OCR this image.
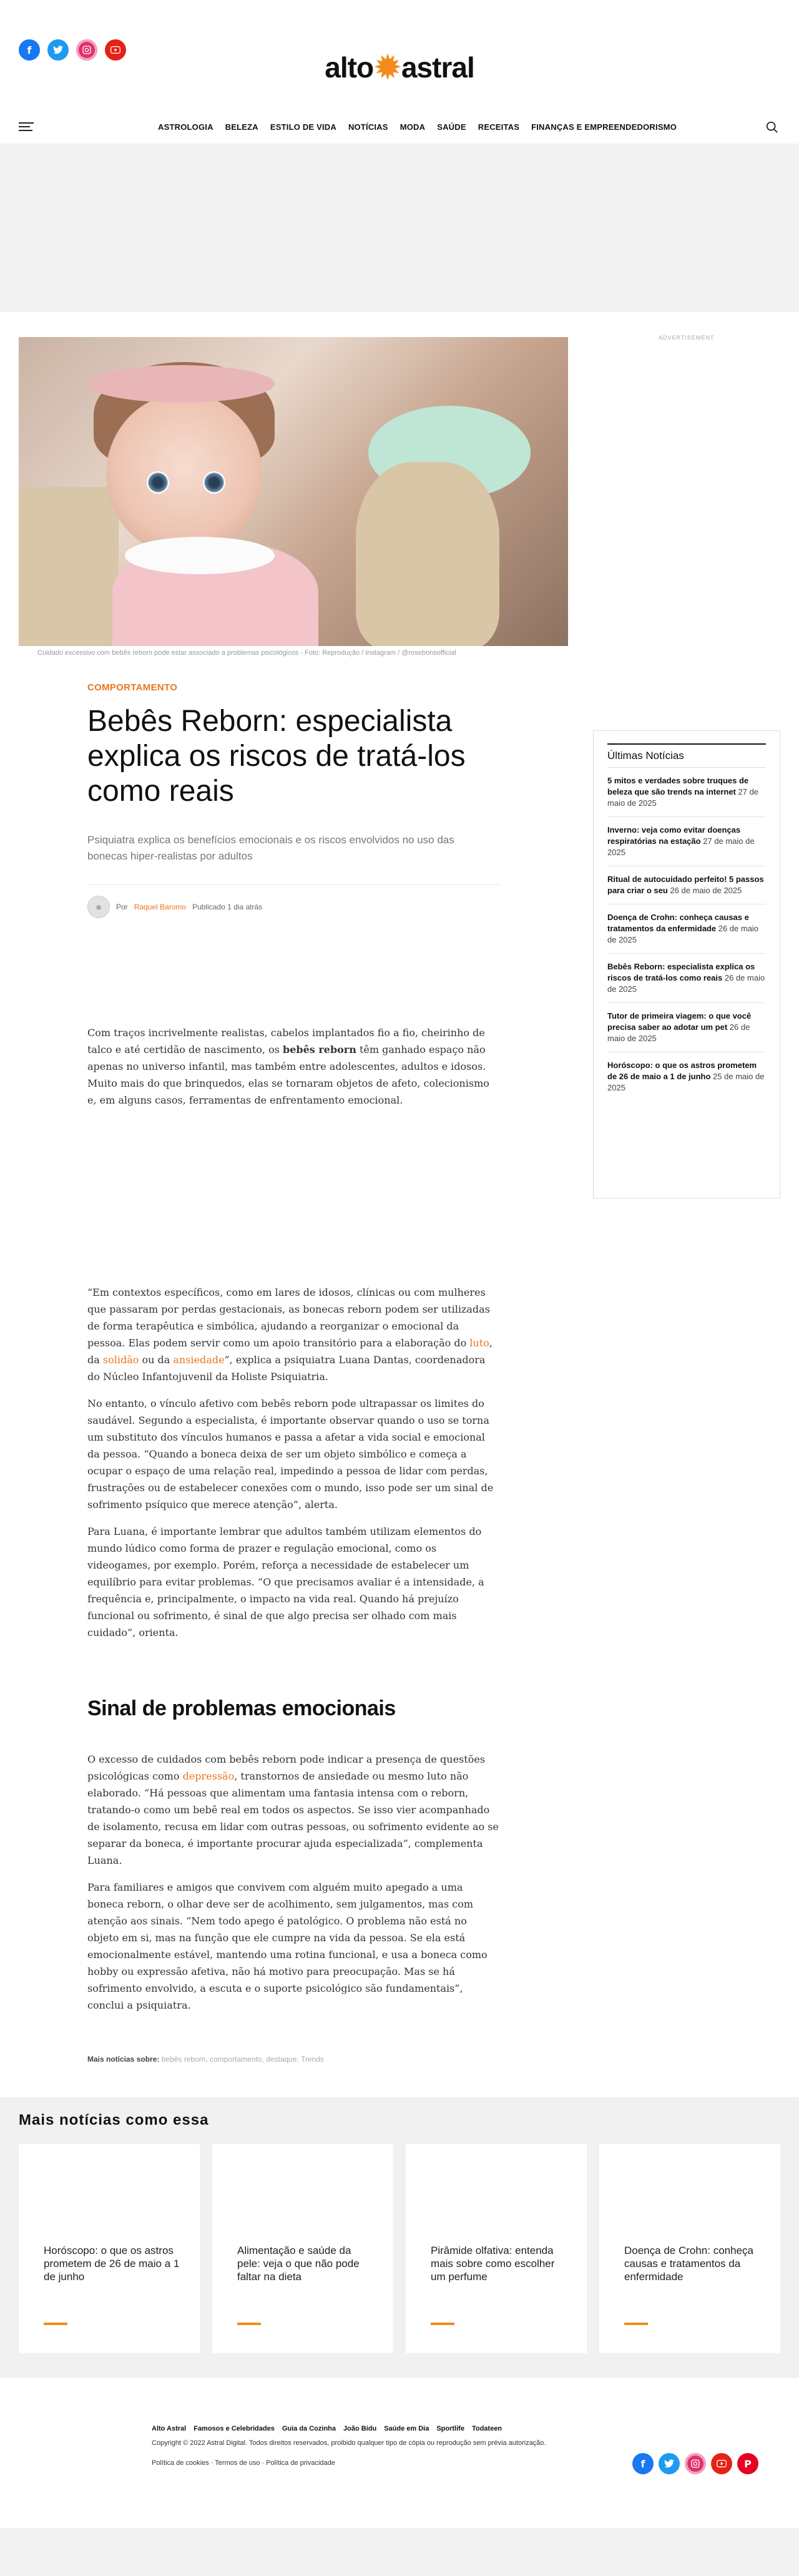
f
alto ✹ astral
ASTROLOGIA BELEZA ESTILO DE VIDA NOTÍCIAS MODA SAÚDE RECEITAS FINANÇAS E EMPREENDEDORISMO
Cuidado excessivo com bebês reborn pode estar associado a problemas psicológicos - Foto: Reprodução / Instagram / @rosebonsofficial
ADVERTISEMENT
COMPORTAMENTO
Bebês Reborn: especialista explica os riscos de tratá-los como reais
Psiquiatra explica os benefícios emocionais e os riscos envolvidos no uso das bonecas hiper-realistas por adultos
●	Por Raquel Baromo Publicado 1 dia atrás

Com traços incrivelmente realistas, cabelos implantados fio a fio, cheirinho de talco e até certidão de nascimento, os bebês reborn têm ganhado espaço não apenas no universo infantil, mas também entre adolescentes, adultos e idosos. Muito mais do que brinquedos, elas se tornaram objetos de afeto, colecionismo e, em alguns casos, ferramentas de enfrentamento emocional.

“Em contextos específicos, como em lares de idosos, clínicas ou com mulheres que passaram por perdas gestacionais, as bonecas reborn podem ser utilizadas de forma terapêutica e simbólica, ajudando a reorganizar o emocional da pessoa. Elas podem servir como um apoio transitório para a elaboração do luto, da solidão ou da ansiedade”, explica a psiquiatra Luana Dantas, coordenadora do Núcleo Infantojuvenil da Holiste Psiquiatria.

No entanto, o vínculo afetivo com bebês reborn pode ultrapassar os limites do saudável. Segundo a especialista, é importante observar quando o uso se torna um substituto dos vínculos humanos e passa a afetar a vida social e emocional da pessoa. “Quando a boneca deixa de ser um objeto simbólico e começa a ocupar o espaço de uma relação real, impedindo a pessoa de lidar com perdas, frustrações ou de estabelecer conexões com o mundo, isso pode ser um sinal de sofrimento psíquico que merece atenção”, alerta.

Para Luana, é importante lembrar que adultos também utilizam elementos do mundo lúdico como forma de prazer e regulação emocional, como os videogames, por exemplo. Porém, reforça a necessidade de estabelecer um equilíbrio para evitar problemas. “O que precisamos avaliar é a intensidade, a frequência e, principalmente, o impacto na vida real. Quando há prejuízo funcional ou sofrimento, é sinal de que algo precisa ser olhado com mais cuidado”, orienta.

Sinal de problemas emocionais

O excesso de cuidados com bebês reborn pode indicar a presença de questões psicológicas como depressão, transtornos de ansiedade ou mesmo luto não elaborado. “Há pessoas que alimentam uma fantasia intensa com o reborn, tratando-o como um bebê real em todos os aspectos. Se isso vier acompanhado de isolamento, recusa em lidar com outras pessoas, ou sofrimento evidente ao se separar da boneca, é importante procurar ajuda especializada”, complementa Luana.

Para familiares e amigos que convivem com alguém muito apegado a uma boneca reborn, o olhar deve ser de acolhimento, sem julgamentos, mas com atenção aos sinais. “Nem todo apego é patológico. O problema não está no objeto em si, mas na função que ele cumpre na vida da pessoa. Se ela está emocionalmente estável, mantendo uma rotina funcional, e usa a boneca como hobby ou expressão afetiva, não há motivo para preocupação. Mas se há sofrimento envolvido, a escuta e o suporte psicológico são fundamentais”, conclui a psiquiatra.

Mais notícias sobre: bebês reborn, comportamento, destaque, Trends
Últimas Notícias
5 mitos e verdades sobre truques de beleza que são trends na internet 27 de maio de 2025
Inverno: veja como evitar doenças respiratórias na estação 27 de maio de 2025
Ritual de autocuidado perfeito! 5 passos para criar o seu 26 de maio de 2025
Doença de Crohn: conheça causas e tratamentos da enfermidade 26 de maio de 2025
Bebês Reborn: especialista explica os riscos de tratá-los como reais 26 de maio de 2025
Tutor de primeira viagem: o que você precisa saber ao adotar um pet 26 de maio de 2025
Horóscopo: o que os astros prometem de 26 de maio a 1 de junho 25 de maio de 2025
Mais notícias como essa
Horóscopo: o que os astros prometem de 26 de maio a 1 de junho
Alimentação e saúde da pele: veja o que não pode faltar na dieta
Pirâmide olfativa: entenda mais sobre como escolher um perfume
Doença de Crohn: conheça causas e tratamentos da enfermidade
Alto Astral Famosos e Celebridades Guia da Cozinha João Bidu Saúde em Dia Sportlife Todateen
Copyright © 2022 Astral Digital. Todos direitos reservados, proibido qualquer tipo de cópia ou reprodução sem prévia autorização.
Política de cookies · Termos de uso · Política de privacidade	f	P
